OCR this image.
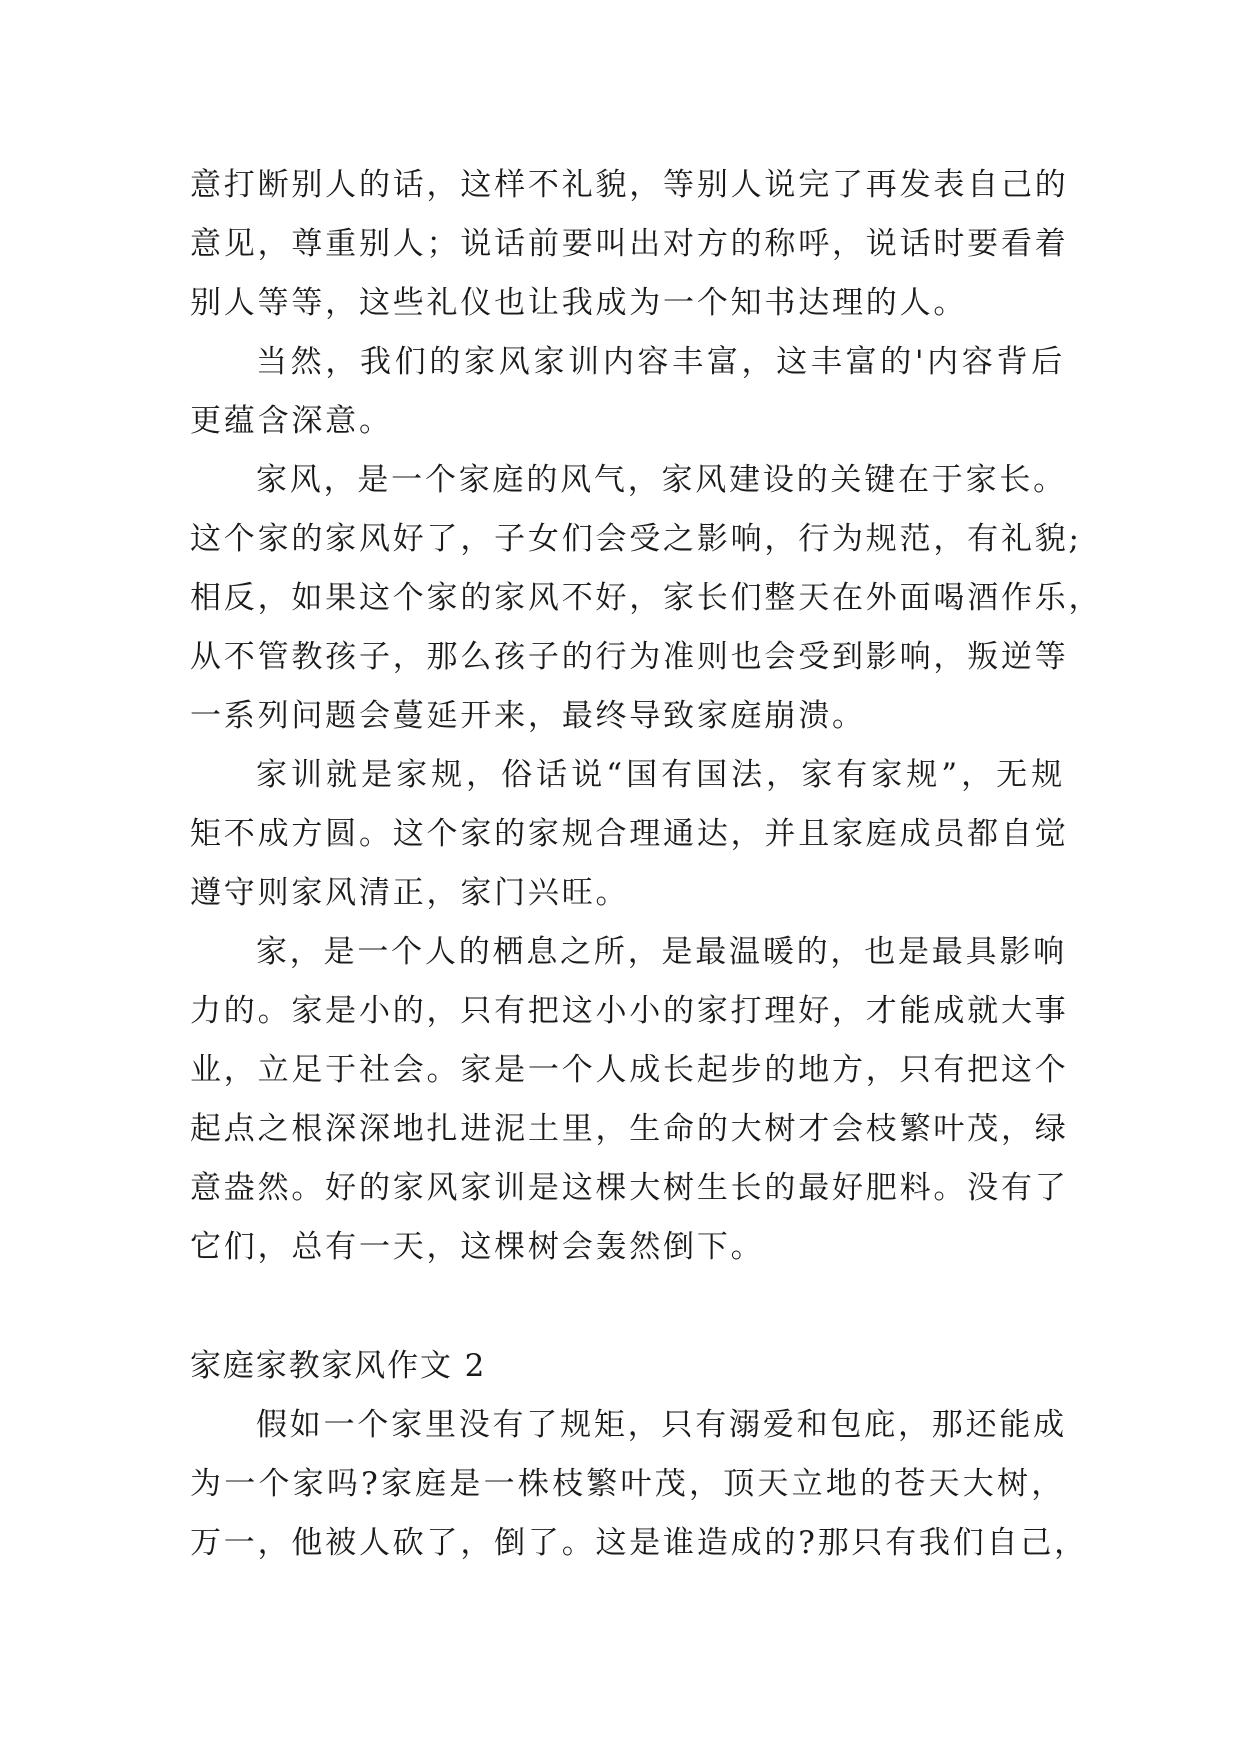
意打断别人的话，这样不礼貌，等别人说完了再发表自己的
意见，尊重别人；说话前要叫出对方的称呼，说话时要看着
别人等等，这些礼仪也让我成为一个知书达理的人。
当然，我们的家风家训内容丰富，这丰富的'内容背后
更蕴含深意。
家风，是一个家庭的风气，家风建设的关键在于家长。
这个家的家风好了，子女们会受之影响，行为规范，有礼貌;
相反，如果这个家的家风不好，家长们整天在外面喝酒作乐，
从不管教孩子，那么孩子的行为准则也会受到影响，叛逆等
一系列问题会蔓延开来，最终导致家庭崩溃。
家训就是家规，俗话说“国有国法，家有家规”，无规
矩不成方圆。这个家的家规合理通达，并且家庭成员都自觉
遵守则家风清正，家门兴旺。
家，是一个人的栖息之所，是最温暖的，也是最具影响
力的。家是小的，只有把这小小的家打理好，才能成就大事
业，立足于社会。家是一个人成长起步的地方，只有把这个
起点之根深深地扎进泥土里，生命的大树才会枝繁叶茂，绿
意盎然。好的家风家训是这棵大树生长的最好肥料。没有了
它们，总有一天，这棵树会轰然倒下。
家庭家教家风作文 2
假如一个家里没有了规矩，只有溺爱和包庇，那还能成
为一个家吗?家庭是一株枝繁叶茂，顶天立地的苍天大树，
万一，他被人砍了，倒了。这是谁造成的?那只有我们自己，
